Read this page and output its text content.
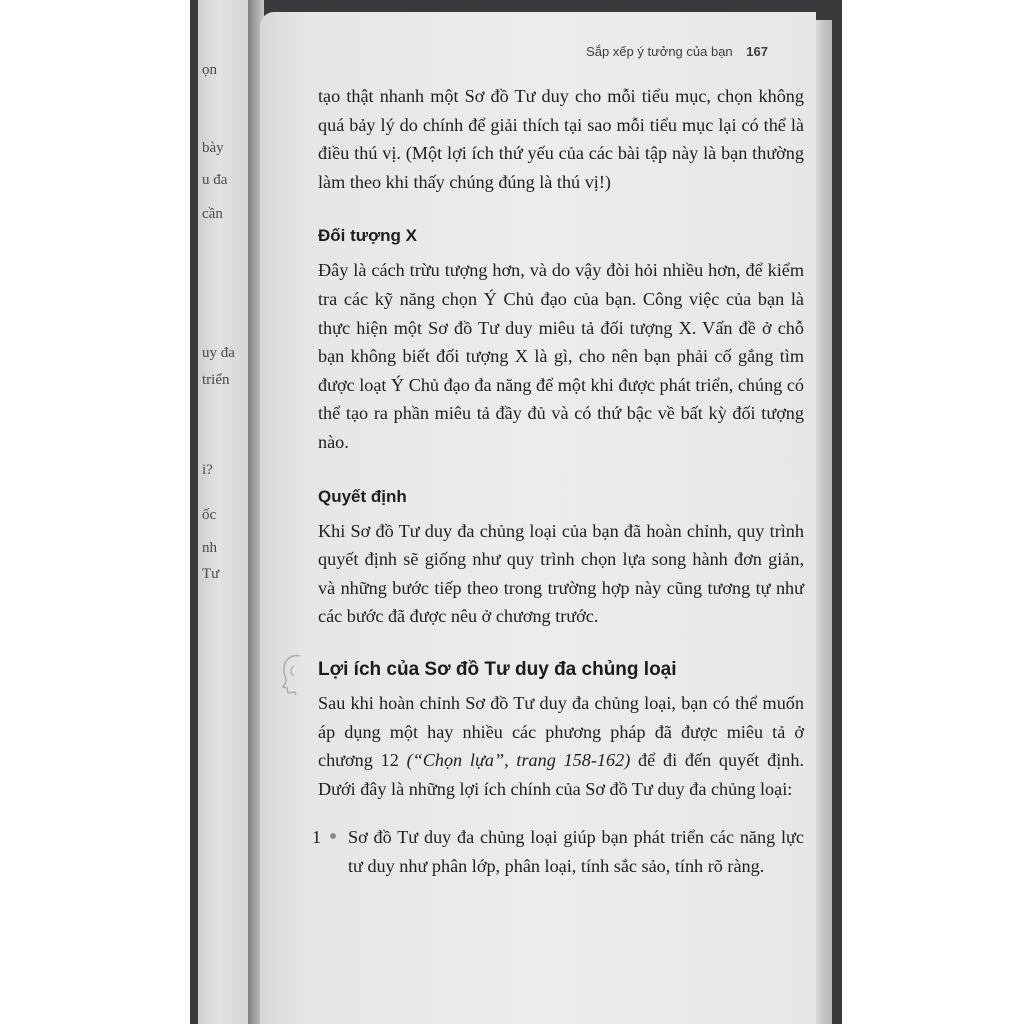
ọn
bày
u đa
cần
uy đa
triển
i?
ốc
nh
Tư
Sắp xếp ý tưởng của bạn 167

tạo thật nhanh một Sơ đồ Tư duy cho mỗi tiểu mục, chọn không quá bảy lý do chính để giải thích tại sao mỗi tiểu mục lại có thể là điều thú vị. (Một lợi ích thứ yếu của các bài tập này là bạn thường làm theo khi thấy chúng đúng là thú vị!)

Đối tượng X

Đây là cách trừu tượng hơn, và do vậy đòi hỏi nhiều hơn, để kiểm tra các kỹ năng chọn Ý Chủ đạo của bạn. Công việc của bạn là thực hiện một Sơ đồ Tư duy miêu tả đối tượng X. Vấn đề ở chỗ bạn không biết đối tượng X là gì, cho nên bạn phải cố gắng tìm được loạt Ý Chủ đạo đa năng để một khi được phát triển, chúng có thể tạo ra phần miêu tả đầy đủ và có thứ bậc về bất kỳ đối tượng nào.

Quyết định

Khi Sơ đồ Tư duy đa chủng loại của bạn đã hoàn chỉnh, quy trình quyết định sẽ giống như quy trình chọn lựa song hành đơn giản, và những bước tiếp theo trong trường hợp này cũng tương tự như các bước đã được nêu ở chương trước.

Lợi ích của Sơ đồ Tư duy đa chủng loại

Sau khi hoàn chỉnh Sơ đồ Tư duy đa chủng loại, bạn có thể muốn áp dụng một hay nhiều các phương pháp đã được miêu tả ở chương 12 (“Chọn lựa”, trang 158-162) để đi đến quyết định. Dưới đây là những lợi ích chính của Sơ đồ Tư duy đa chủng loại:

1 Sơ đồ Tư duy đa chủng loại giúp bạn phát triển các năng lực tư duy như phân lớp, phân loại, tính sắc sảo, tính rõ ràng.
